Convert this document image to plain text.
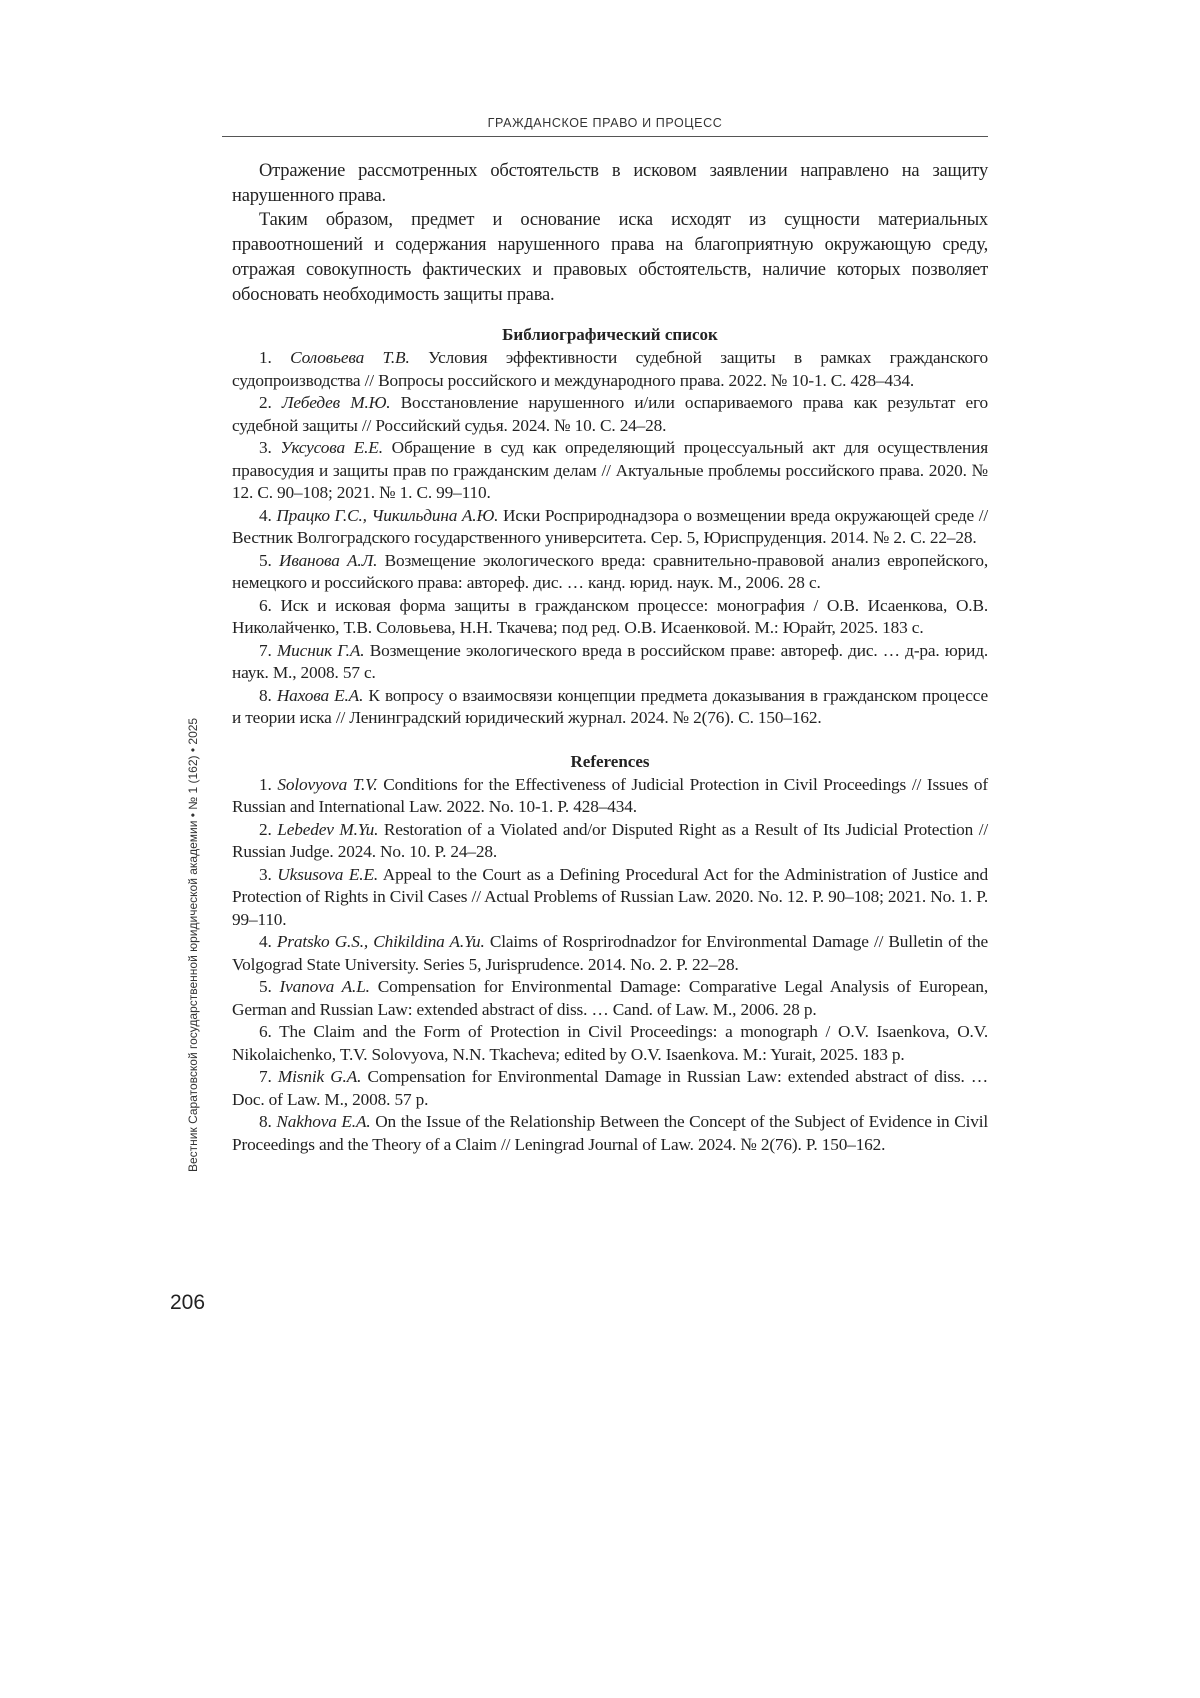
ГРАЖДАНСКОЕ ПРАВО И ПРОЦЕСС

Отражение рассмотренных обстоятельств в исковом заявлении направлено на защиту нарушенного права.

Таким образом, предмет и основание иска исходят из сущности материальных правоотношений и содержания нарушенного права на благоприятную окружающую среду, отражая совокупность фактических и правовых обстоятельств, наличие которых позволяет обосновать необходимость защиты права.

Библиографический список

1. Соловьева Т.В. Условия эффективности судебной защиты в рамках гражданского судопроизводства // Вопросы российского и международного права. 2022. № 10-1. С. 428–434.

2. Лебедев М.Ю. Восстановление нарушенного и/или оспариваемого права как результат его судебной защиты // Российский судья. 2024. № 10. С. 24–28.

3. Уксусова Е.Е. Обращение в суд как определяющий процессуальный акт для осуществления правосудия и защиты прав по гражданским делам // Актуальные проблемы российского права. 2020. № 12. С. 90–108; 2021. № 1. С. 99–110.

4. Працко Г.С., Чикильдина А.Ю. Иски Росприроднадзора о возмещении вреда окружающей среде // Вестник Волгоградского государственного университета. Сер. 5, Юриспруденция. 2014. № 2. С. 22–28.

5. Иванова А.Л. Возмещение экологического вреда: сравнительно-правовой анализ европейского, немецкого и российского права: автореф. дис. … канд. юрид. наук. М., 2006. 28 с.

6. Иск и исковая форма защиты в гражданском процессе: монография / О.В. Исаенкова, О.В. Николайченко, Т.В. Соловьева, Н.Н. Ткачева; под ред. О.В. Исаенковой. М.: Юрайт, 2025. 183 с.

7. Мисник Г.А. Возмещение экологического вреда в российском праве: автореф. дис. … д-ра. юрид. наук. М., 2008. 57 с.

8. Нахова Е.А. К вопросу о взаимосвязи концепции предмета доказывания в гражданском процессе и теории иска // Ленинградский юридический журнал. 2024. № 2(76). С. 150–162.

References

1. Solovyova T.V. Conditions for the Effectiveness of Judicial Protection in Civil Proceedings // Issues of Russian and International Law. 2022. No. 10-1. P. 428–434.

2. Lebedev M.Yu. Restoration of a Violated and/or Disputed Right as a Result of Its Judicial Protection // Russian Judge. 2024. No. 10. P. 24–28.

3. Uksusova E.E. Appeal to the Court as a Defining Procedural Act for the Administration of Justice and Protection of Rights in Civil Cases // Actual Problems of Russian Law. 2020. No. 12. P. 90–108; 2021. No. 1. P. 99–110.

4. Pratsko G.S., Chikildina A.Yu. Claims of Rosprirodnadzor for Environmental Damage // Bulletin of the Volgograd State University. Series 5, Jurisprudence. 2014. No. 2. P. 22–28.

5. Ivanova A.L. Compensation for Environmental Damage: Comparative Legal Analysis of European, German and Russian Law: extended abstract of diss. … Cand. of Law. M., 2006. 28 p.

6. The Claim and the Form of Protection in Civil Proceedings: a monograph / O.V. Isaenkova, O.V. Nikolaichenko, T.V. Solovyova, N.N. Tkacheva; edited by O.V. Isaenkova. M.: Yurait, 2025. 183 p.

7. Misnik G.A. Compensation for Environmental Damage in Russian Law: extended abstract of diss. … Doc. of Law. M., 2008. 57 p.

8. Nakhova E.A. On the Issue of the Relationship Between the Concept of the Subject of Evidence in Civil Proceedings and the Theory of a Claim // Leningrad Journal of Law. 2024. № 2(76). P. 150–162.

Вестник Саратовской государственной юридической академии • № 1 (162) • 2025
206
